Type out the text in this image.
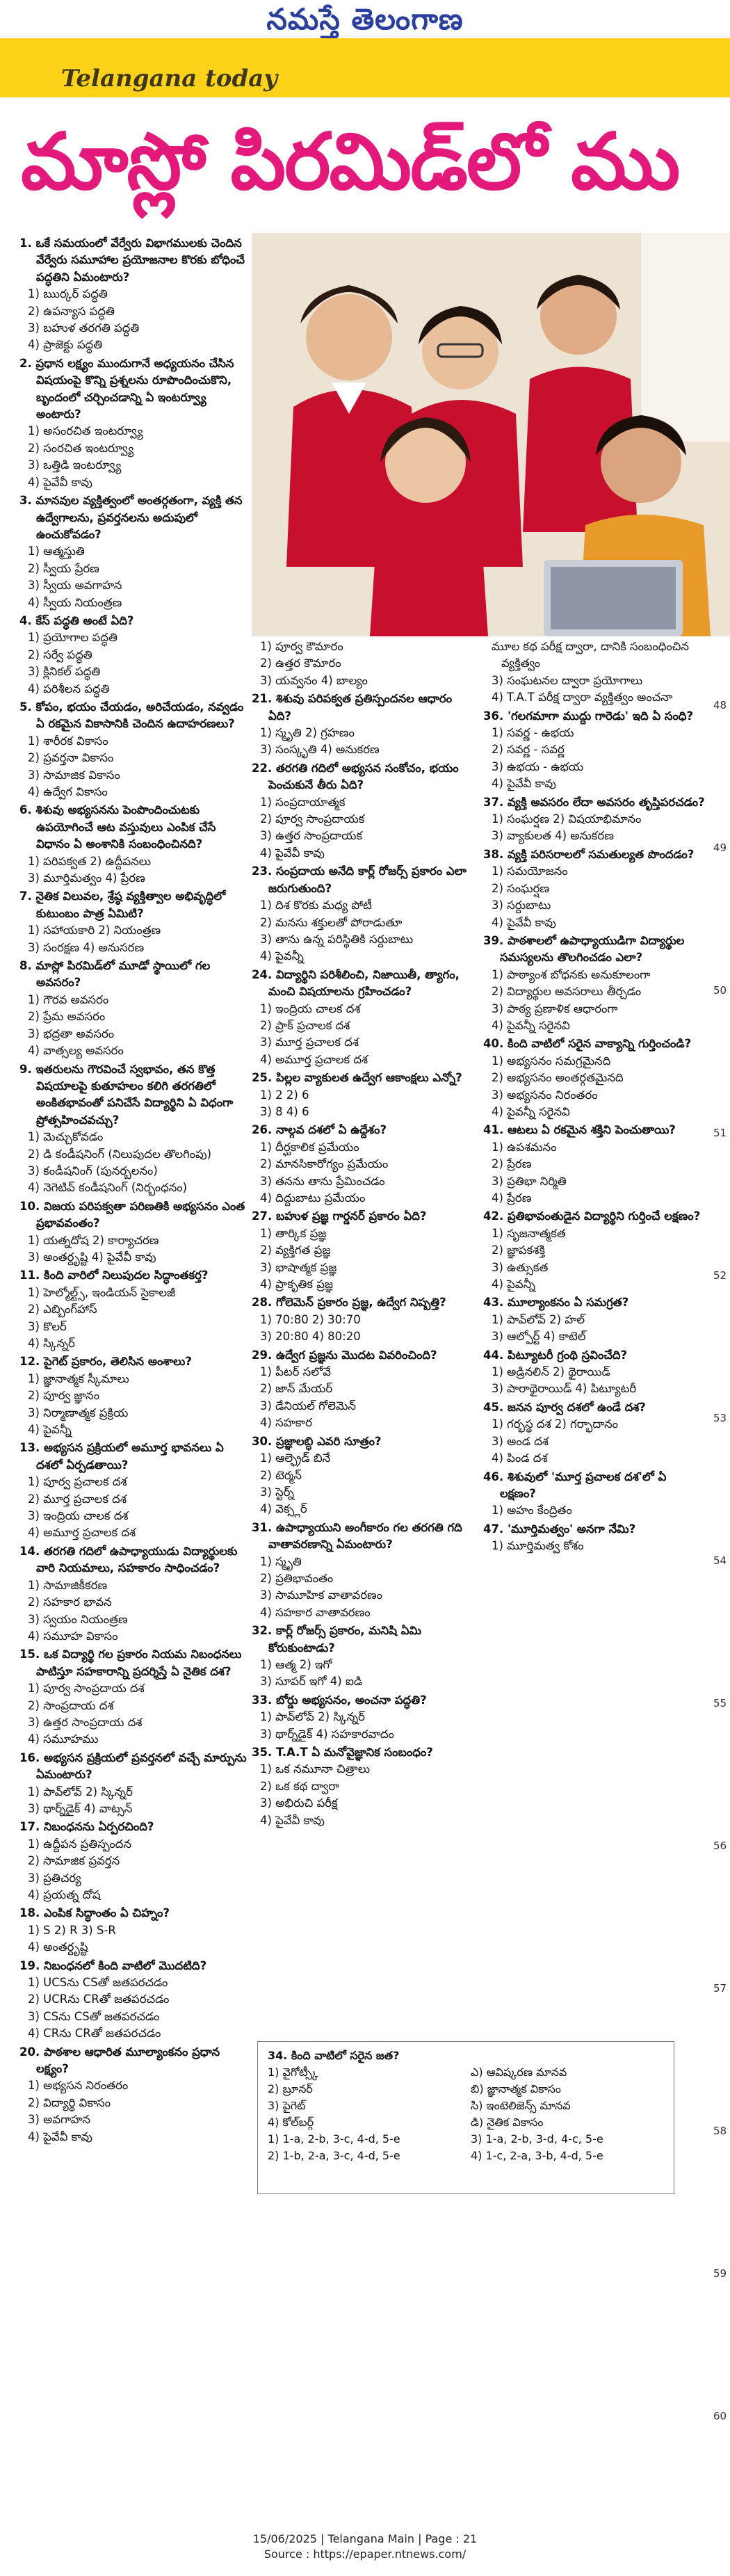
నమస్తే తెలంగాణ
Telangana today
మాస్లో పిరమిడ్‌లో ము
1. ఒకే సమయంలో వేర్వేరు విభాగములకు చెందిన వేర్వేరు సమూహాల ప్రయోజనాల కొరకు బోధించే పద్ధతిని ఏమంటారు?
1) ఋర్కర్ పద్ధతి
2) ఉపన్యాస పద్ధతి
3) బహుళ తరగతి పద్ధతి
4) ప్రాజెక్టు పద్ధతి
2. ప్రధాన లక్ష్యం ముందుగానే అధ్యయనం చేసిన విషయంపై కొన్ని ప్రశ్నలను రూపొందించుకొని, బృందంలో చర్చించడాన్ని ఏ ఇంటర్వ్యూ అంటారు?
1) అసంరచిత ఇంటర్వ్యూ
2) సంరచిత ఇంటర్వ్యూ
3) ఒత్తిడి ఇంటర్వ్యూ
4) పైవేవీ కావు
3. మానవుల వ్యక్తిత్వంలో అంతర్గతంగా, వ్యక్తి తన ఉద్వేగాలను, ప్రవర్తనలను అదుపులో ఉంచుకోవడం?
1) ఆత్మస్తుతి
2) స్వీయ ప్రేరణ
3) స్వీయ అవగాహన
4) స్వీయ నియంత్రణ
4. కేస్ పద్ధతి అంటే ఏది?
1) ప్రయోగాల పద్ధతి
2) సర్వే పద్ధతి
3) క్లినికల్ పద్ధతి
4) పరిశీలన పద్ధతి
5. కోపం, భయం చేయడం, అరిచేయడం, నవ్వడం ఏ రకమైన వికాసానికి చెందిన ఉదాహరణలు?
1) శారీరక వికాసం
2) ప్రవర్తనా వికాసం
3) సామాజిక వికాసం
4) ఉద్వేగ వికాసం
6. శిశువు అభ్యసనను పెంపొందించుటకు ఉపయోగించే ఆట వస్తువులు ఎంపిక చేసే విధానం ఏ అంశానికి సంబంధించినది?
1) పరిపక్వత 2) ఉద్దీపనలు
3) మూర్తిమత్వం 4) ప్రేరణ
7. నైతిక విలువల, శ్రేష్ఠ వ్యక్తిత్వాల అభివృద్ధిలో కుటుంబం పాత్ర ఏమిటి?
1) సహాయకారి 2) నియంత్రణ
3) సంరక్షణ 4) అనుసరణ
8. మాస్లో పిరమిడ్‌లో మూడో స్థాయిలో గల అవసరం?
1) గౌరవ అవసరం
2) ప్రేమ అవసరం
3) భద్రతా అవసరం
4) వాత్సల్య అవసరం
9. ఇతరులను గౌరవించే స్వభావం, తన కొత్త విషయాలపై కుతూహలం కలిగి తరగతిలో అంకితభావంతో పనిచేసే విద్యార్థిని ఏ విధంగా ప్రోత్సహించవచ్చు?
1) మెచ్చుకోవడం
2) డి కండీషనింగ్ (నిలుపుదల తొలగింపు)
3) కండీషనింగ్ (పునర్బలనం)
4) నెగెటివ్ కండీషనింగ్ (నిర్బంధనం)
10. విజయ పరిపక్వతా పరిణతికి అభ్యసనం ఎంత ప్రభావవంతం?
1) యత్నదోష 2) కార్యాచరణ
3) అంతర్దృష్టి 4) పైవేవీ కావు
11. కింది వారిలో నిలుపుదల సిద్ధాంతకర్త?
1) హెల్మోల్ట్స్, ఇండియన్ సైకాలజీ
2) ఎబ్బింగ్‌హాస్
3) కొలర్
4) స్కిన్నర్
12. పైగెట్ ప్రకారం, తెలిసిన అంశాలు?
1) జ్ఞానాత్మక స్కీమాలు
2) పూర్వ జ్ఞానం
3) నిర్మాణాత్మక ప్రక్రియ
4) పైవన్నీ
13. అభ్యసన ప్రక్రియలో అమూర్త భావనలు ఏ దశలో ఏర్పడతాయి?
1) పూర్వ ప్రచాలక దశ
2) మూర్త ప్రచాలక దశ
3) ఇంద్రియ చాలక దశ
4) అమూర్త ప్రచాలక దశ
14. తరగతి గదిలో ఉపాధ్యాయుడు విద్యార్థులకు వారి నియమాలు, సహకారం సాధించడం?
1) సామాజికీకరణ
2) సహకార భావన
3) స్వయం నియంత్రణ
4) సమూహ వికాసం
15. ఒక విద్యార్థి గల ప్రకారం నియమ నిబంధనలు పాటిస్తూ సహకారాన్ని ప్రదర్శిస్తే ఏ నైతిక దశ?
1) పూర్వ సాంప్రదాయ దశ
2) సాంప్రదాయ దశ
3) ఉత్తర సాంప్రదాయ దశ
4) సమూహము
16. అభ్యసన ప్రక్రియలో ప్రవర్తనలో వచ్చే మార్పును ఏమంటారు?
1) పావ్‌లోవ్ 2) స్కిన్నర్
3) థార్న్‌డైక్ 4) వాట్సన్
17. నిబంధనను ఏర్పరచింది?
1) ఉద్దీపన ప్రతిస్పందన
2) సామాజిక ప్రవర్తన
3) ప్రతిచర్య
4) ప్రయత్న దోష
18. ఎంపిక సిద్ధాంతం ఏ చిహ్నం?
1) S 2) R 3) S-R
4) అంతర్దృష్టి
19. నిబంధనలో కింది వాటిలో మొదటిది?
1) UCSను CSతో జతపరచడం
2) UCRను CRతో జతపరచడం
3) CSను CSతో జతపరచడం
4) CRను CRతో జతపరచడం
20. పాఠశాల ఆధారిత మూల్యాంకనం ప్రధాన లక్ష్యం?
1) అభ్యసన నిరంతరం
2) విద్యార్థి వికాసం
3) అవగాహన
4) పైవేవీ కావు
1) పూర్వ కౌమారం
2) ఉత్తర కౌమారం
3) యవ్వనం 4) బాల్యం
21. శిశువు పరిపక్వత ప్రతిస్పందనల ఆధారం ఏది?
1) స్మృతి 2) గ్రహణం
3) సంస్కృతి 4) అనుకరణ
22. తరగతి గదిలో అభ్యసన సంకోచం, భయం పెంచుకునే తీరు ఏది?
1) సంప్రదాయాత్మక
2) పూర్వ సాంప్రదాయక
3) ఉత్తర సాంప్రదాయక
4) పైవేవీ కావు
23. సంప్రదాయ అనేది కార్ల్ రోజర్స్ ప్రకారం ఎలా జరుగుతుంది?
1) దిశ కొరకు మధ్య పోటీ
2) మనసు శక్తులతో పోరాడుతూ
3) తాను ఉన్న పరిస్థితికి సర్దుబాటు
4) పైవన్నీ
24. విద్యార్థిని పరిశీలించి, నిజాయితీ, త్యాగం, మంచి విషయాలను గ్రహించడం?
1) ఇంద్రియ చాలక దశ
2) ప్రాక్ ప్రచాలక దశ
3) మూర్త ప్రచాలక దశ
4) అమూర్త ప్రచాలక దశ
25. పిల్లల వ్యాకులత ఉద్వేగ ఆకాంక్షలు ఎన్నో?
1) 2 2) 6
3) 8 4) 6
26. నాల్గవ దశలో ఏ ఉద్దేశం?
1) దీర్ఘకాలిక ప్రమేయం
2) మానసికారోగ్యం ప్రమేయం
3) తనను తాను ప్రేమించడం
4) దిద్దుబాటు ప్రమేయం
27. బహుళ ప్రజ్ఞ గార్డనర్ ప్రకారం ఏది?
1) తార్కిక ప్రజ్ఞ
2) వ్యక్తిగత ప్రజ్ఞ
3) భాషాత్మక ప్రజ్ఞ
4) ప్రాకృతిక ప్రజ్ఞ
28. గోలెమెన్ ప్రకారం ప్రజ్ఞ, ఉద్వేగ నిష్పత్తి?
1) 70:80 2) 30:70
3) 20:80 4) 80:20
29. ఉద్వేగ ప్రజ్ఞను మొదట వివరించింది?
1) పీటర్ సలోవే
2) జాన్ మేయర్
3) డేనియల్ గోలెమెన్
4) సహకార
30. ప్రజ్ఞాలబ్ధి ఎవరి సూత్రం?
1) ఆల్ఫ్రెడ్ బినే
2) టెర్మన్
3) స్టెర్న్
4) వెక్స్లర్
31. ఉపాధ్యాయుని అంగీకారం గల తరగతి గది వాతావరణాన్ని ఏమంటారు?
1) స్మృతి
2) ప్రతిభావంతం
3) సామూహిక వాతావరణం
4) సహకార వాతావరణం
32. కార్ల్ రోజర్స్ ప్రకారం, మనిషి ఏమి కోరుకుంటాడు?
1) ఆత్మ 2) ఇగో
3) సూపర్ ఇగో 4) ఐడి
33. బోర్డు అభ్యసనం, అంచనా పద్ధతి?
1) పావ్‌లోవ్ 2) స్కిన్నర్
3) థార్న్‌డైక్ 4) సహకారవాదం
35. T.A.T ఏ మనోవైజ్ఞానిక సంబంధం?
1) ఒక నమూనా చిత్రాలు
2) ఒక కథ ద్వారా
3) అభిరుచి పరీక్ష
4) పైవేవీ కావు
మూల కథ పరీక్ష ద్వారా, దానికి సంబంధించిన వ్యక్తిత్వం
3) సంఘటనల ద్వారా ప్రయోగాలు
4) T.A.T పరీక్ష ద్వారా వ్యక్తిత్వం అంచనా
36. 'గలగమాగా ముద్దు గారెడు' ఇది ఏ సంధి?
1) సవర్ణ - ఉభయ
2) సవర్ణ - సవర్ణ
3) ఉభయ - ఉభయ
4) పైవేవీ కావు
37. వ్యక్తి అవసరం లేదా అవసరం తృప్తిపరచడం?
1) సంఘర్షణ 2) విషయాభిమానం
3) వ్యాకులత 4) అనుకరణ
38. వ్యక్తి పరిసరాలలో సమతుల్యత పొందడం?
1) సమయోజనం
2) సంఘర్షణ
3) సర్దుబాటు
4) పైవేవీ కావు
39. పాఠశాలలో ఉపాధ్యాయుడిగా విద్యార్థుల సమస్యలను తొలగించడం ఎలా?
1) పాఠ్యాంశ బోధనకు అనుకూలంగా
2) విద్యార్థుల అవసరాలు తీర్చడం
3) పాఠ్య ప్రణాళిక ఆధారంగా
4) పైవన్నీ సరైనవి
40. కింది వాటిలో సరైన వాక్యాన్ని గుర్తించండి?
1) అభ్యసనం సమగ్రమైనది
2) అభ్యసనం అంతర్గతమైనది
3) అభ్యసనం నిరంతరం
4) పైవన్నీ సరైనవి
41. ఆటలు ఏ రకమైన శక్తిని పెంచుతాయి?
1) ఉపశమనం
2) ప్రేరణ
3) ప్రతిభా నిర్మితి
4) ప్రేరణ
42. ప్రతిభావంతుడైన విద్యార్థిని గుర్తించే లక్షణం?
1) సృజనాత్మకత
2) జ్ఞాపకశక్తి
3) ఉత్సుకత
4) పైవన్నీ
43. మూల్యాంకనం ఏ సమగ్రత?
1) పావ్‌లోవ్ 2) హల్
3) ఆల్పోర్ట్ 4) కాటెల్
44. పిట్యూటరీ గ్రంథి స్రవించేది?
1) అడ్రినలిన్ 2) థైరాయిడ్
3) పారాథైరాయిడ్ 4) పిట్యూటరీ
45. జనన పూర్వ దశలో ఉండే దశ?
1) గర్భస్థ దశ 2) గర్భాదానం
3) అండ దశ
4) పిండ దశ
46. శిశువులో 'మూర్త ప్రచాలక దశ'లో ఏ లక్షణం?
1) అహం కేంద్రితం
47. 'మూర్తిమత్వం' అనగా నేమి?
1) మూర్తిమత్వ కోశం
34. కింది వాటిలో సరైన జత?
1) వైగోట్స్కీ
2) బ్రూనర్
3) పైగెట్
4) కోల్‌బర్గ్
ఎ) ఆవిష్కరణ మానవ
బి) జ్ఞానాత్మక వికాసం
సి) ఇంటెలిజెన్స్ మానవ
డి) నైతిక వికాసం
1) 1-a, 2-b, 3-c, 4-d, 5-e
2) 1-b, 2-a, 3-c, 4-d, 5-e
3) 1-a, 2-b, 3-d, 4-c, 5-e
4) 1-c, 2-a, 3-b, 4-d, 5-e
48
49
50
51
52
53
54
55
56
57
58
59
60
15/06/2025 | Telangana Main | Page : 21
Source : https://epaper.ntnews.com/
